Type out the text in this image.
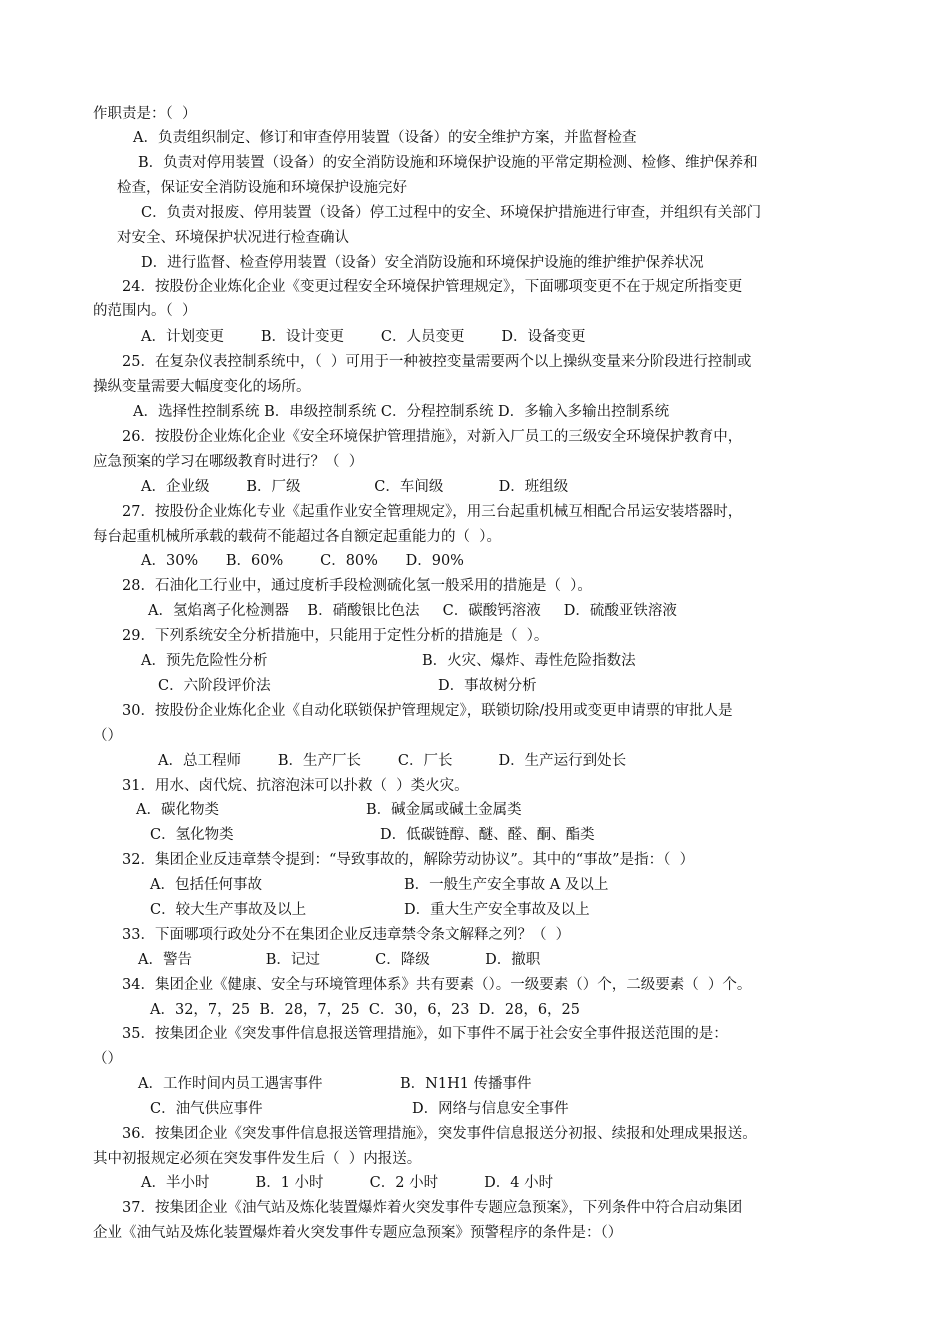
作职责是：（  ）
A．负责组织制定、修订和审查停用装置（设备）的安全维护方案，并监督检查
B．负责对停用装置（设备）的安全消防设施和环境保护设施的平常定期检测、检修、维护保养和
检查，保证安全消防设施和环境保护设施完好
C．负责对报废、停用装置（设备）停工过程中的安全、环境保护措施进行审查，并组织有关部门
对安全、环境保护状况进行检查确认
D．进行监督、检查停用装置（设备）安全消防设施和环境保护设施的维护维护保养状况
24．按股份企业炼化企业《变更过程安全环境保护管理规定》，下面哪项变更不在于规定所指变更
的范围内。（  ）
A．计划变更        B．设计变更        C．人员变更        D．设备变更
25．在复杂仪表控制系统中，（  ）可用于一种被控变量需要两个以上操纵变量来分阶段进行控制或
操纵变量需要大幅度变化的场所。
A．选择性控制系统 B．串级控制系统 C．分程控制系统 D．多输入多输出控制系统
26．按股份企业炼化企业《安全环境保护管理措施》，对新入厂员工的三级安全环境保护教育中，
应急预案的学习在哪级教育时进行？（  ）
A．企业级        B．厂级                C．车间级            D．班组级
27．按股份企业炼化专业《起重作业安全管理规定》，用三台起重机械互相配合吊运安装塔器时，
每台起重机械所承载的载荷不能超过各自额定起重能力的（  ）。
A．30%      B．60%        C．80%      D．90%
28．石油化工行业中，通过度析手段检测硫化氢一般采用的措施是（  ）。
A．氢焰离子化检测器    B．硝酸银比色法     C．碳酸钙溶液     D．硫酸亚铁溶液
29．下列系统安全分析措施中，只能用于定性分析的措施是（  ）。
A．预先危险性分析	B．火灾、爆炸、毒性危险指数法
C．六阶段评价法	D．事故树分析
30．按股份企业炼化企业《自动化联锁保护管理规定》，联锁切除/投用或变更申请票的审批人是
（）
A．总工程师        B．生产厂长        C．厂长          D．生产运行到处长
31．用水、卤代烷、抗溶泡沫可以扑救（  ）类火灾。
A．碳化物类	B．碱金属或碱土金属类
C．氢化物类	D．低碳链醇、醚、醛、酮、酯类
32．集团企业反违章禁令提到：“导致事故的，解除劳动协议”。其中的“事故”是指：（  ）
A．包括任何事故	B．一般生产安全事故 A 及以上
C．较大生产事故及以上	D．重大生产安全事故及以上
33．下面哪项行政处分不在集团企业反违章禁令条文解释之列？（  ）
A．警告                B．记过            C．降级            D．撤职
34．集团企业《健康、安全与环境管理体系》共有要素（）。一级要素（）个，二级要素（  ）个。
A．32，7，25  B．28，7，25  C．30，6，23  D．28，6，25
35．按集团企业《突发事件信息报送管理措施》，如下事件不属于社会安全事件报送范围的是：
（）
A．工作时间内员工遇害事件	B．N1H1 传播事件
C．油气供应事件	D．网络与信息安全事件
36．按集团企业《突发事件信息报送管理措施》，突发事件信息报送分初报、续报和处理成果报送。
其中初报规定必须在突发事件发生后（  ）内报送。
A．半小时          B．1 小时          C．2 小时          D．4 小时
37．按集团企业《油气站及炼化装置爆炸着火突发事件专题应急预案》，下列条件中符合启动集团
企业《油气站及炼化装置爆炸着火突发事件专题应急预案》预警程序的条件是：（）
